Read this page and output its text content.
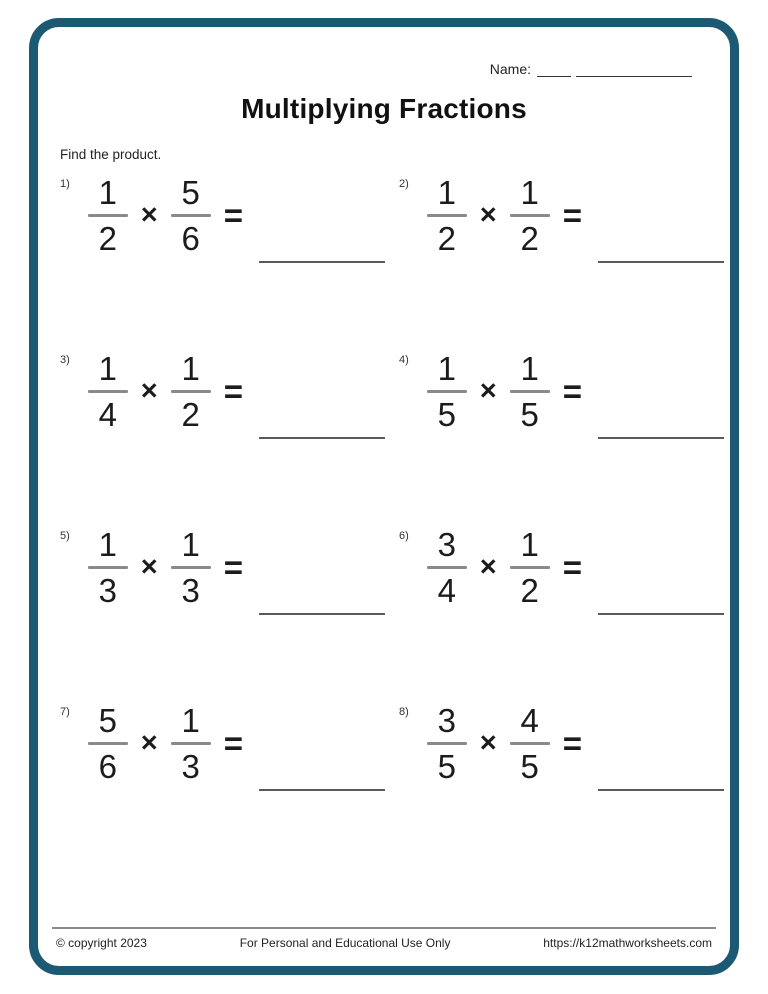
Name:
Multiplying Fractions
Find the product.
$1) \frac{1}{2} \times \frac{5}{6}$ =
$2) \frac{1}{2} \times \frac{1}{2}$ =
$3) \frac{1}{4} \times \frac{1}{2}$ =
$4) \frac{1}{5} \times \frac{1}{5}$ =
$5) \frac{1}{3} \times \frac{1}{3}$ =
$6) \frac{3}{4} \times \frac{1}{2}$ =
$7) \frac{5}{6} \times \frac{1}{3}$ =
$8) \frac{3}{5} \times \frac{4}{5}$ =
© copyright 2023	For Personal and Educational Use Only	https://k12mathworksheets.com
